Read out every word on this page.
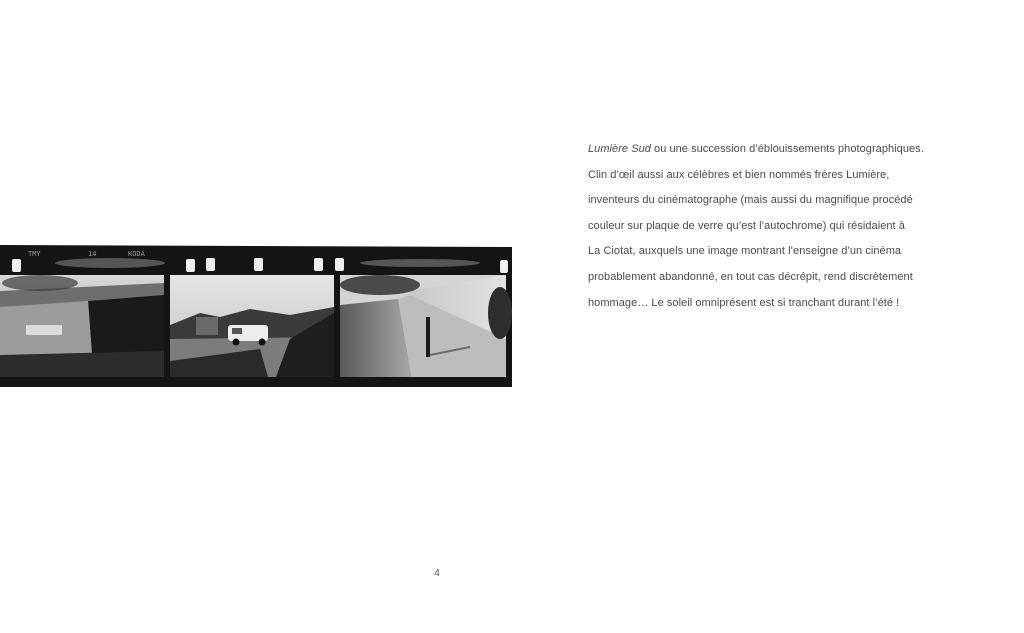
TMY	14	KODA
Lumière Sud ou une succession d’éblouissements photographiques.
Clin d’œil aussi aux célèbres et bien nommés frères Lumière,
inventeurs du cinématographe (mais aussi du magnifique procédé
couleur sur plaque de verre qu’est l’autochrome) qui résidaient à
La Ciotat, auxquels une image montrant l’enseigne d’un cinéma
probablement abandonné, en tout cas décrépit, rend discrètement
hommage… Le soleil omniprésent est si tranchant durant l’été !
4
